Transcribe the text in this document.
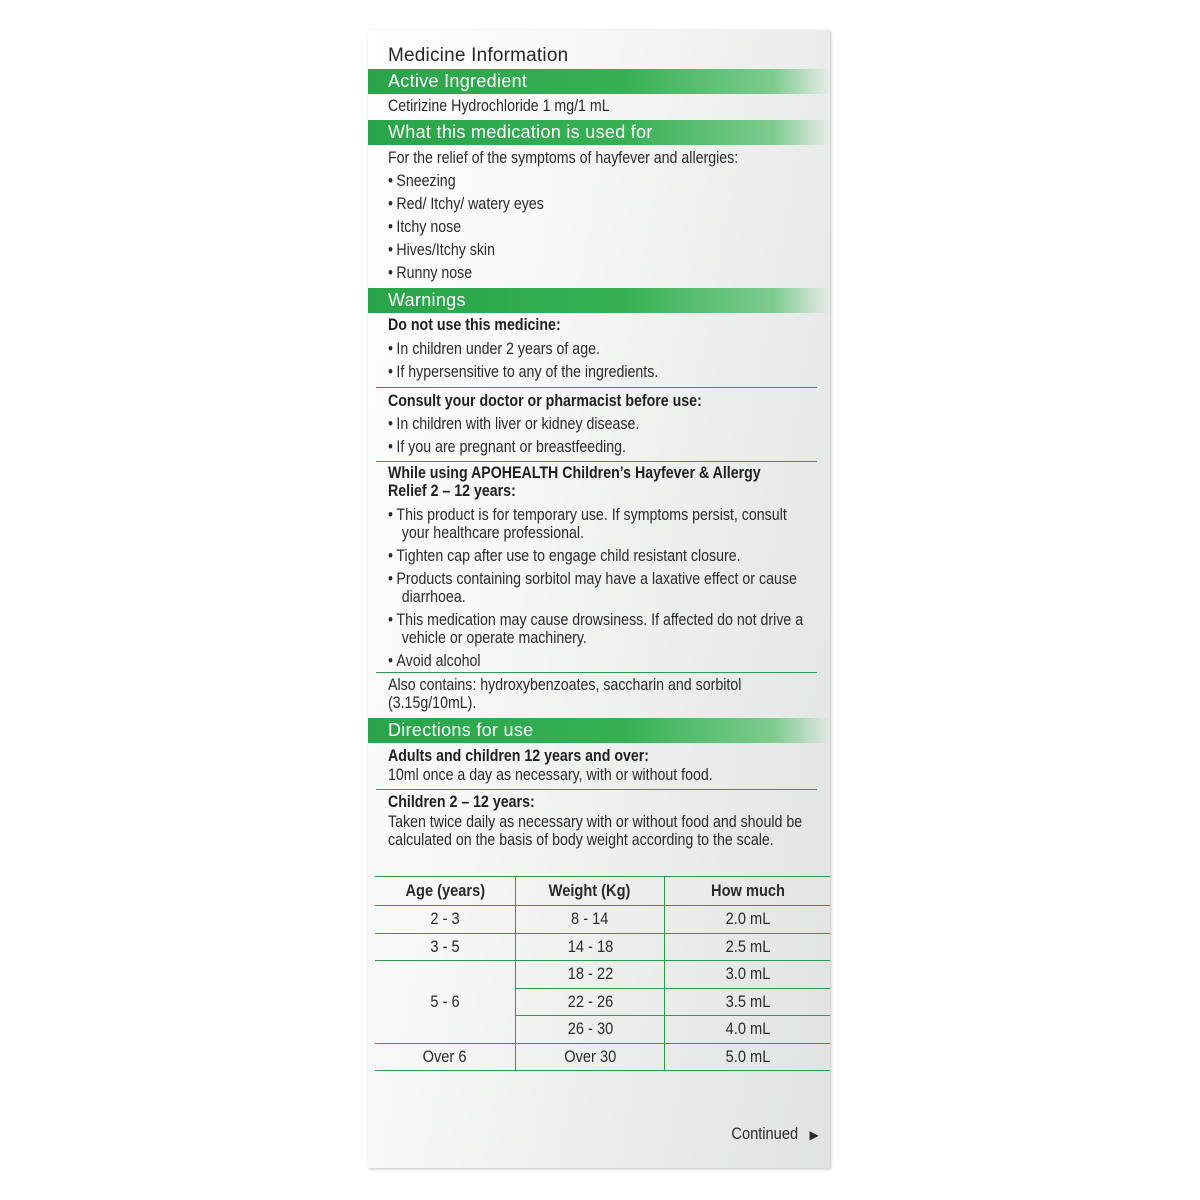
Medicine Information
Active Ingredient
Cetirizine Hydrochloride 1 mg/1 mL
What this medication is used for
For the relief of the symptoms of hayfever and allergies:
• Sneezing
• Red/ Itchy/ watery eyes
• Itchy nose
• Hives/Itchy skin
• Runny nose
Warnings
Do not use this medicine:
• In children under 2 years of age.
• If hypersensitive to any of the ingredients.
Consult your doctor or pharmacist before use:
• In children with liver or kidney disease.
• If you are pregnant or breastfeeding.
While using APOHEALTH Children’s Hayfever & Allergy Relief 2 – 12 years:
• This product is for temporary use. If symptoms persist, consult your healthcare professional.
• Tighten cap after use to engage child resistant closure.
• Products containing sorbitol may have a laxative effect or cause diarrhoea.
• This medication may cause drowsiness. If affected do not drive a vehicle or operate machinery.
• Avoid alcohol
Also contains: hydroxybenzoates, saccharin and sorbitol (3.15g/10mL).
Directions for use
Adults and children 12 years and over:
10ml once a day as necessary, with or without food.
Children 2 – 12 years:
Taken twice daily as necessary with or without food and should be calculated on the basis of body weight according to the scale.
Age (years)	Weight (Kg)	How much
2 - 3	8 - 14	2.0 mL
3 - 5	14 - 18	2.5 mL
5 - 6	18 - 22	3.0 mL
	22 - 26	3.5 mL
	26 - 30	4.0 mL
Over 6	Over 30	5.0 mL
Continued ▶
